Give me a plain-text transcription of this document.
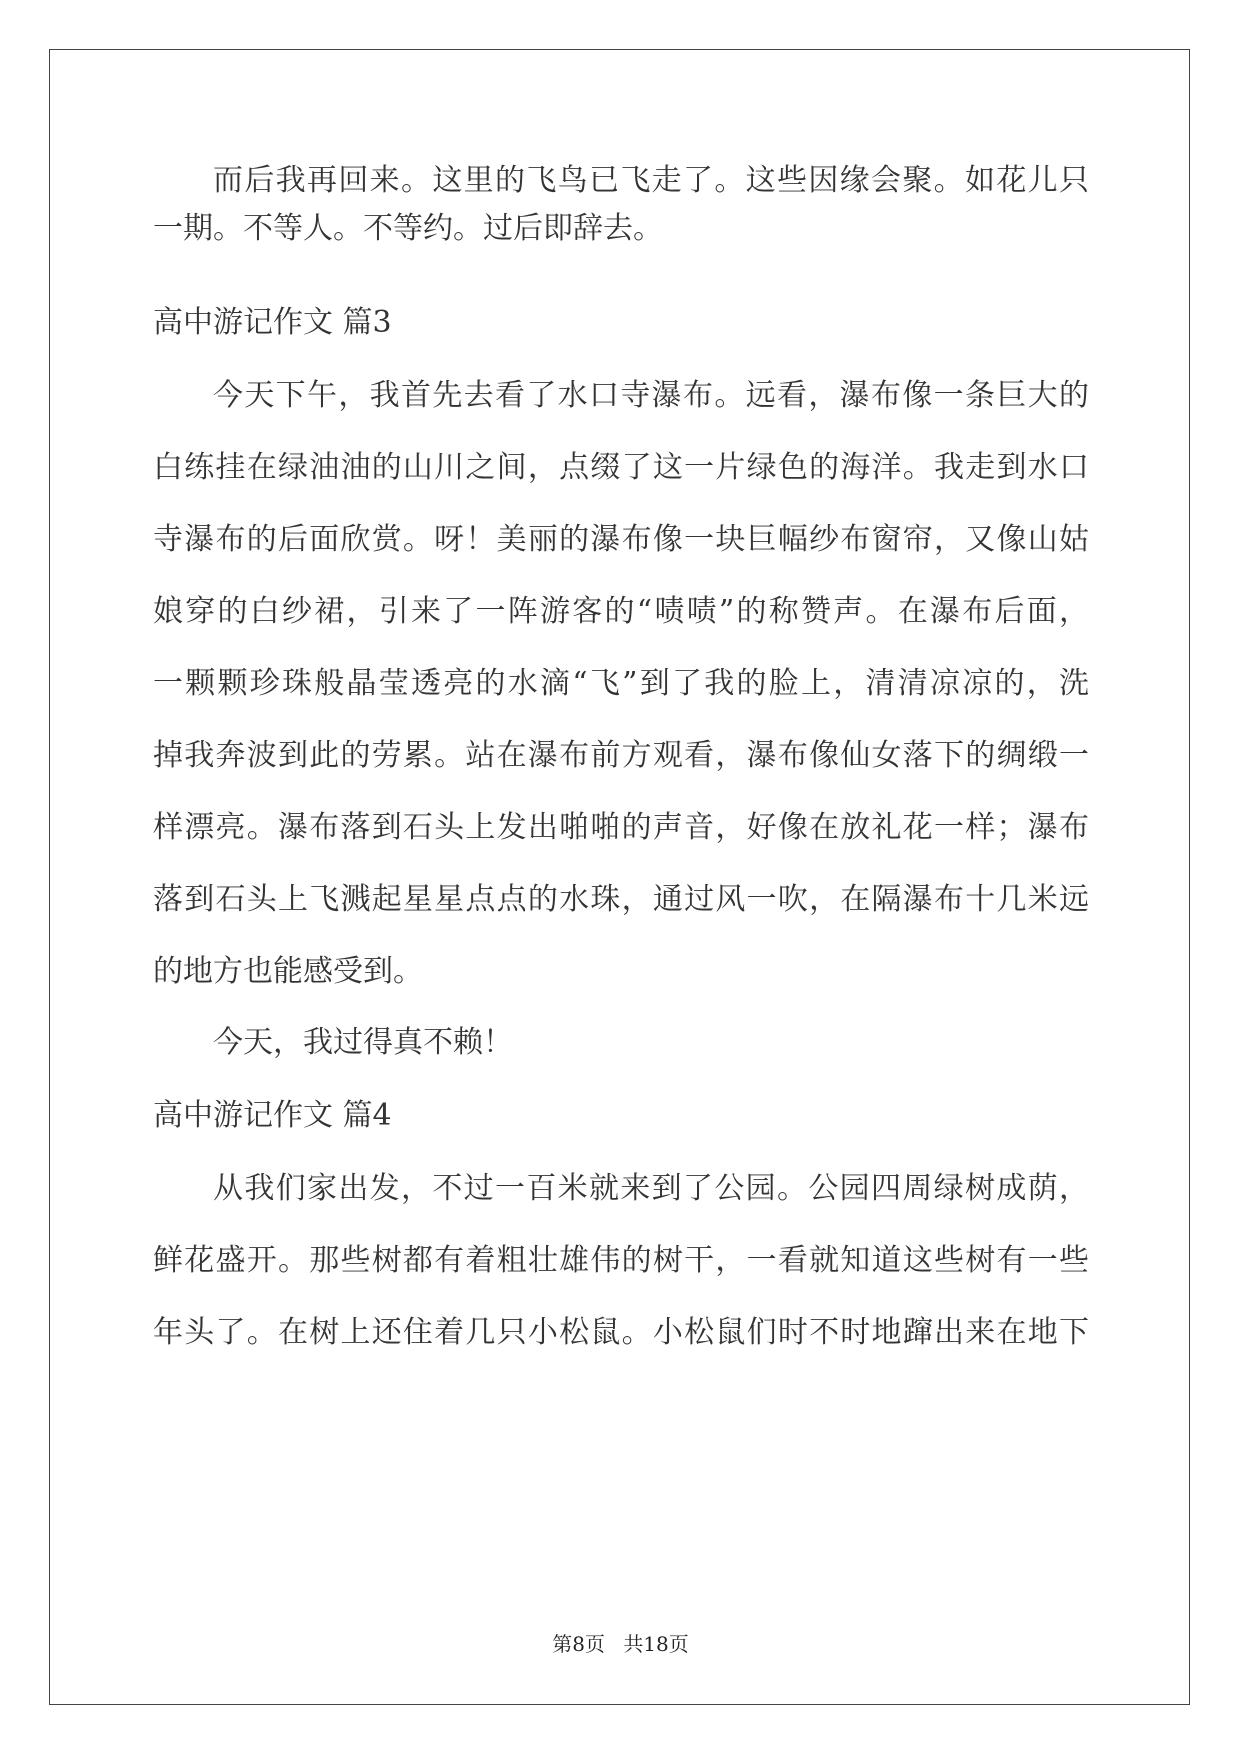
而后我再回来。这里的飞鸟已飞走了。这些因缘会聚。如花儿只
一期。不等人。不等约。过后即辞去。
高中游记作文 篇3
今天下午，我首先去看了水口寺瀑布。远看，瀑布像一条巨大的
白练挂在绿油油的山川之间，点缀了这一片绿色的海洋。我走到水口
寺瀑布的后面欣赏。呀！美丽的瀑布像一块巨幅纱布窗帘，又像山姑
娘穿的白纱裙，引来了一阵游客的“啧啧”的称赞声。在瀑布后面，
一颗颗珍珠般晶莹透亮的水滴“飞”到了我的脸上，清清凉凉的，洗
掉我奔波到此的劳累。站在瀑布前方观看，瀑布像仙女落下的绸缎一
样漂亮。瀑布落到石头上发出啪啪的声音，好像在放礼花一样；瀑布
落到石头上飞溅起星星点点的水珠，通过风一吹，在隔瀑布十几米远
的地方也能感受到。
今天，我过得真不赖！
高中游记作文 篇4
从我们家出发，不过一百米就来到了公园。公园四周绿树成荫，
鲜花盛开。那些树都有着粗壮雄伟的树干，一看就知道这些树有一些
年头了。在树上还住着几只小松鼠。小松鼠们时不时地蹿出来在地下
第8页 共18页
